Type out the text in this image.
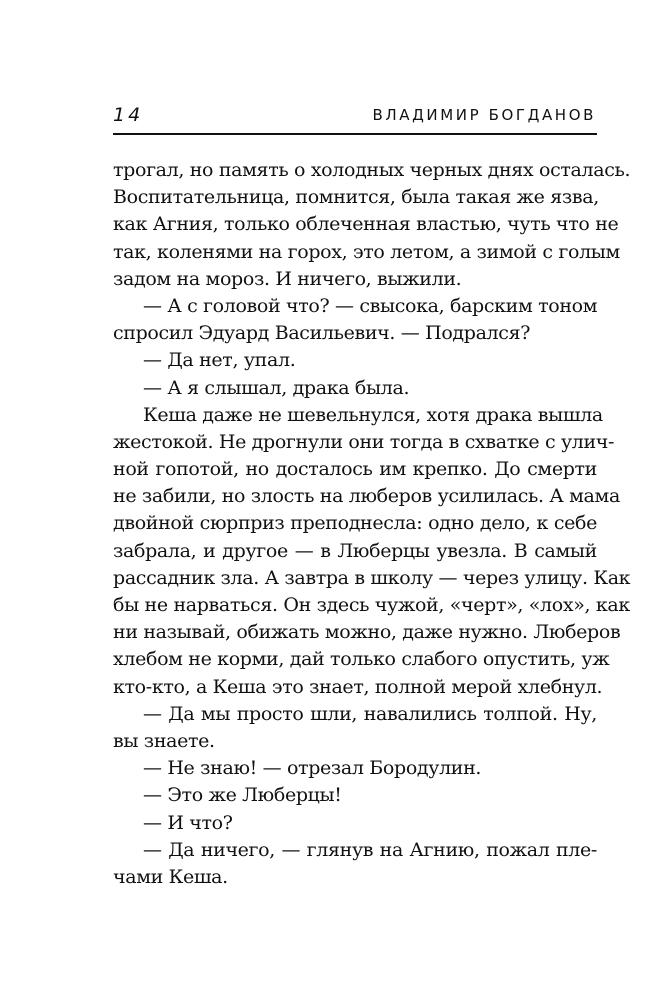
14	ВЛАДИМИР БОГДАНОВ
трогал, но память о холодных черных днях осталась.
Воспитательница, помнится, была такая же язва,
как Агния, только облеченная властью, чуть что не
так, коленями на горох, это летом, а зимой с голым
задом на мороз. И ничего, выжили.
— А с головой что? — свысока, барским тоном
спросил Эдуард Васильевич. — Подрался?
— Да нет, упал.
— А я слышал, драка была.
Кеша даже не шевельнулся, хотя драка вышла
жестокой. Не дрогнули они тогда в схватке с улич-
ной гопотой, но досталось им крепко. До смерти
не забили, но злость на люберов усилилась. А мама
двойной сюрприз преподнесла: одно дело, к себе
забрала, и другое — в Люберцы увезла. В самый
рассадник зла. А завтра в школу — через улицу. Как
бы не нарваться. Он здесь чужой, «черт», «лох», как
ни называй, обижать можно, даже нужно. Люберов
хлебом не корми, дай только слабого опустить, уж
кто-кто, а Кеша это знает, полной мерой хлебнул.
— Да мы просто шли, навалились толпой. Ну,
вы знаете.
— Не знаю! — отрезал Бородулин.
— Это же Люберцы!
— И что?
— Да ничего, — глянув на Агнию, пожал пле-
чами Кеша.
